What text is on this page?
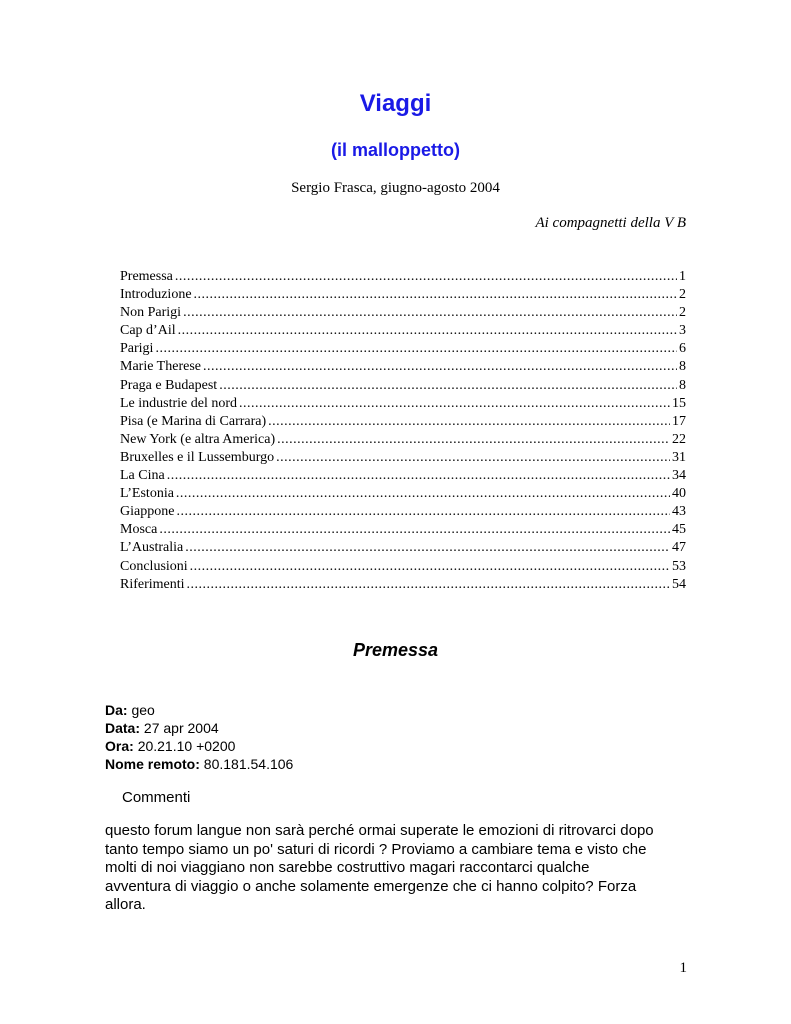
Viaggi
(il malloppetto)
Sergio Frasca, giugno-agosto 2004
Ai compagnetti della V B
Premessa .....	1
Introduzione .....	2
Non Parigi .....	2
Cap d’Ail .....	3
Parigi .....	6
Marie Therese .....	8
Praga e Budapest .....	8
Le industrie del nord .....	15
Pisa (e Marina di Carrara) .....	17
New York (e altra America) .....	22
Bruxelles e il Lussemburgo .....	31
La Cina .....	34
L’Estonia .....	40
Giappone .....	43
Mosca .....	45
L’Australia .....	47
Conclusioni .....	53
Riferimenti .....	54
Premessa
Da: geo
Data: 27 apr 2004
Ora: 20.21.10 +0200
Nome remoto: 80.181.54.106
Commenti
questo forum langue non sarà perché ormai superate le emozioni di ritrovarci dopo
tanto tempo siamo un po' saturi di ricordi ? Proviamo a cambiare tema e visto che
molti di noi viaggiano non sarebbe costruttivo magari raccontarci qualche
avventura di viaggio o anche solamente emergenze che ci hanno colpito? Forza
allora.
1
